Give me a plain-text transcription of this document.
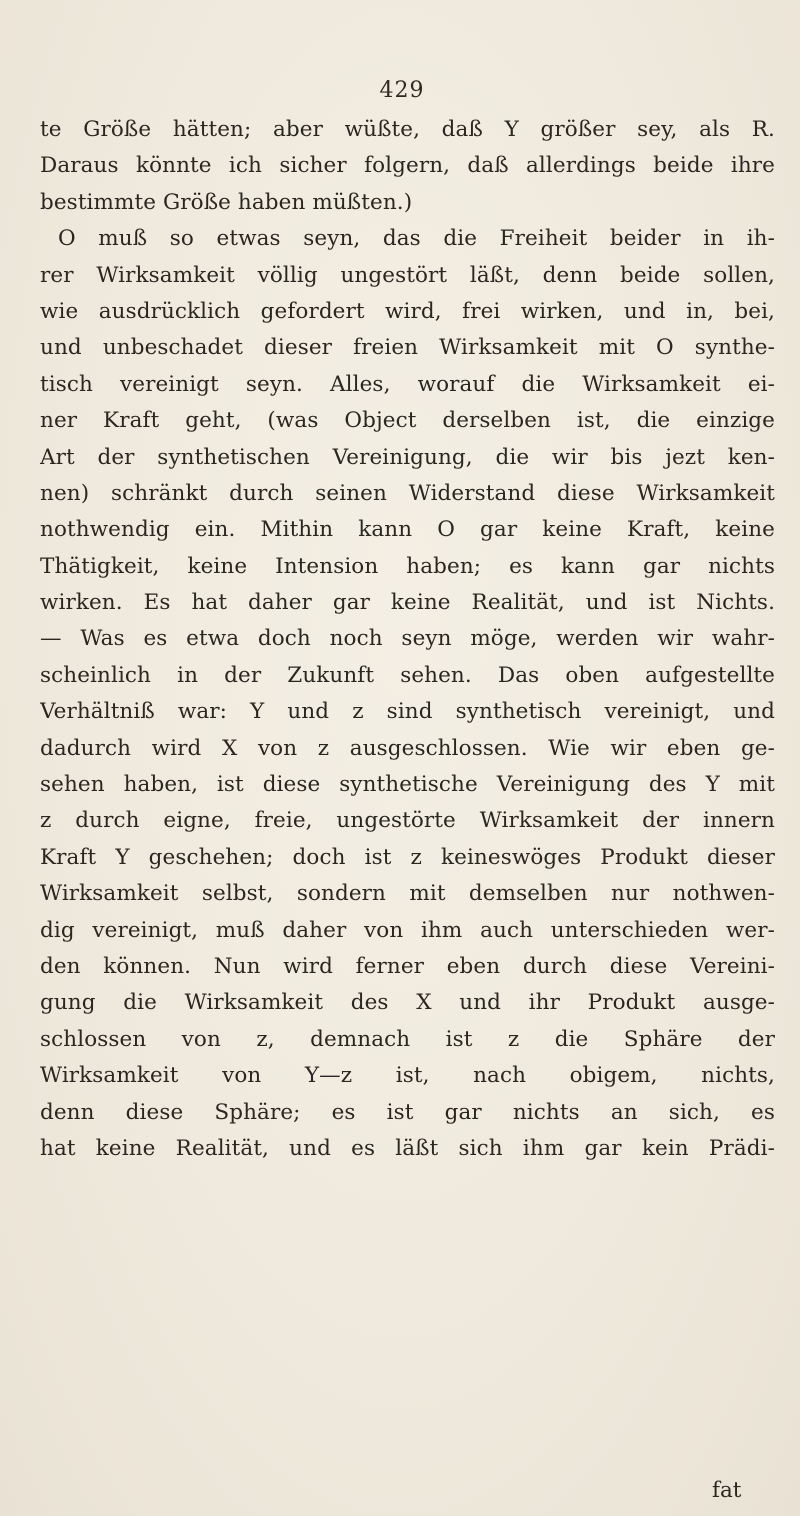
429
te Größe hätten; aber wüßte, daß Y größer sey, als R.
Daraus könnte ich sicher folgern, daß allerdings beide ihre
bestimmte Größe haben müßten.)
O muß so etwas seyn, das die Freiheit beider in ih-
rer Wirksamkeit völlig ungestört läßt, denn beide sollen,
wie ausdrücklich gefordert wird, frei wirken, und in, bei,
und unbeschadet dieser freien Wirksamkeit mit O synthe-
tisch vereinigt seyn. Alles, worauf die Wirksamkeit ei-
ner Kraft geht, (was Object derselben ist, die einzige
Art der synthetischen Vereinigung, die wir bis jezt ken-
nen) schränkt durch seinen Widerstand diese Wirksamkeit
nothwendig ein. Mithin kann O gar keine Kraft, keine
Thätigkeit, keine Intension haben; es kann gar nichts
wirken. Es hat daher gar keine Realität, und ist Nichts.
— Was es etwa doch noch seyn möge, werden wir wahr-
scheinlich in der Zukunft sehen. Das oben aufgestellte
Verhältniß war: Y und z sind synthetisch vereinigt, und
dadurch wird X von z ausgeschlossen. Wie wir eben ge-
sehen haben, ist diese synthetische Vereinigung des Y mit
z durch eigne, freie, ungestörte Wirksamkeit der innern
Kraft Y geschehen; doch ist z keineswöges Produkt dieser
Wirksamkeit selbst, sondern mit demselben nur nothwen-
dig vereinigt, muß daher von ihm auch unterschieden wer-
den können. Nun wird ferner eben durch diese Vereini-
gung die Wirksamkeit des X und ihr Produkt ausge-
schlossen von z, demnach ist z die Sphäre der
Wirksamkeit von Y—z ist, nach obigem, nichts,
denn diese Sphäre; es ist gar nichts an sich, es
hat keine Realität, und es läßt sich ihm gar kein Prädi-
fat
